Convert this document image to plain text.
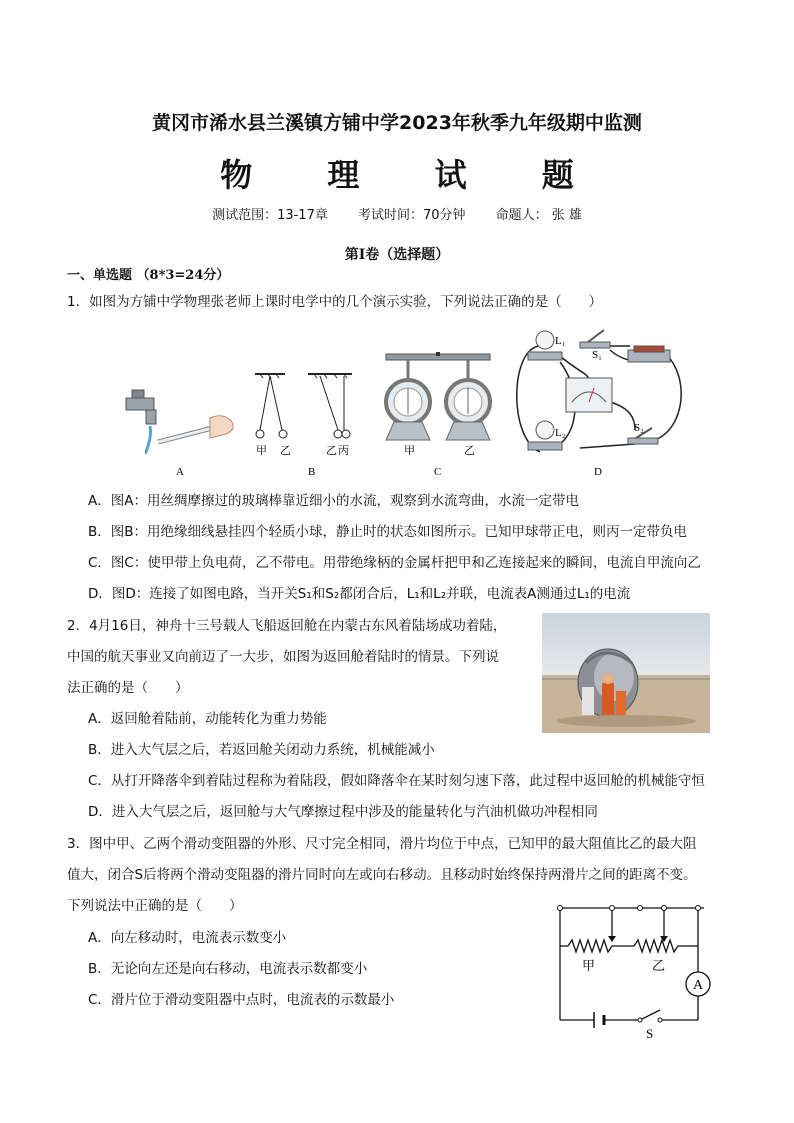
黄冈市浠水县兰溪镇方铺中学2023年秋季九年级期中监测
物 理 试 题
测试范围：13-17章 考试时间：70分钟 命题人： 张 雄
第Ⅰ卷（选择题）
一、单选题 （8*3=24分）
1．如图为方铺中学物理张老师上课时电学中的几个演示实验，下列说法正确的是（　　）
A
甲 乙	乙 丙
B
甲	乙
C
L₁
S₁
L₂	S₂
D
A．图A：用丝绸摩擦过的玻璃棒靠近细小的水流，观察到水流弯曲，水流一定带电
B．图B：用绝缘细线悬挂四个轻质小球，静止时的状态如图所示。已知甲球带正电，则丙一定带负电
C．图C：使甲带上负电荷，乙不带电。用带绝缘柄的金属杆把甲和乙连接起来的瞬间，电流自甲流向乙
D．图D：连接了如图电路，当开关S₁和S₂都闭合后，L₁和L₂并联，电流表A测通过L₁的电流
2．4月16日，神舟十三号载人飞船返回舱在内蒙古东风着陆场成功着陆，
中国的航天事业又向前迈了一大步，如图为返回舱着陆时的情景。下列说
法正确的是（　　）
A．返回舱着陆前，动能转化为重力势能
B．进入大气层之后，若返回舱关闭动力系统，机械能减小
C．从打开降落伞到着陆过程称为着陆段，假如降落伞在某时刻匀速下落，此过程中返回舱的机械能守恒
D．进入大气层之后，返回舱与大气摩擦过程中涉及的能量转化与汽油机做功冲程相同
3．图中甲、乙两个滑动变阻器的外形、尺寸完全相同，滑片均位于中点，已知甲的最大阻值比乙的最大阻
值大，闭合S后将两个滑动变阻器的滑片同时向左或向右移动。且移动时始终保持两滑片之间的距离不变。
下列说法中正确的是（　　）
A．向左移动时，电流表示数变小
B．无论向左还是向右移动，电流表示数都变小
C．滑片位于滑动变阻器中点时，电流表的示数最小
A
甲	乙
S
